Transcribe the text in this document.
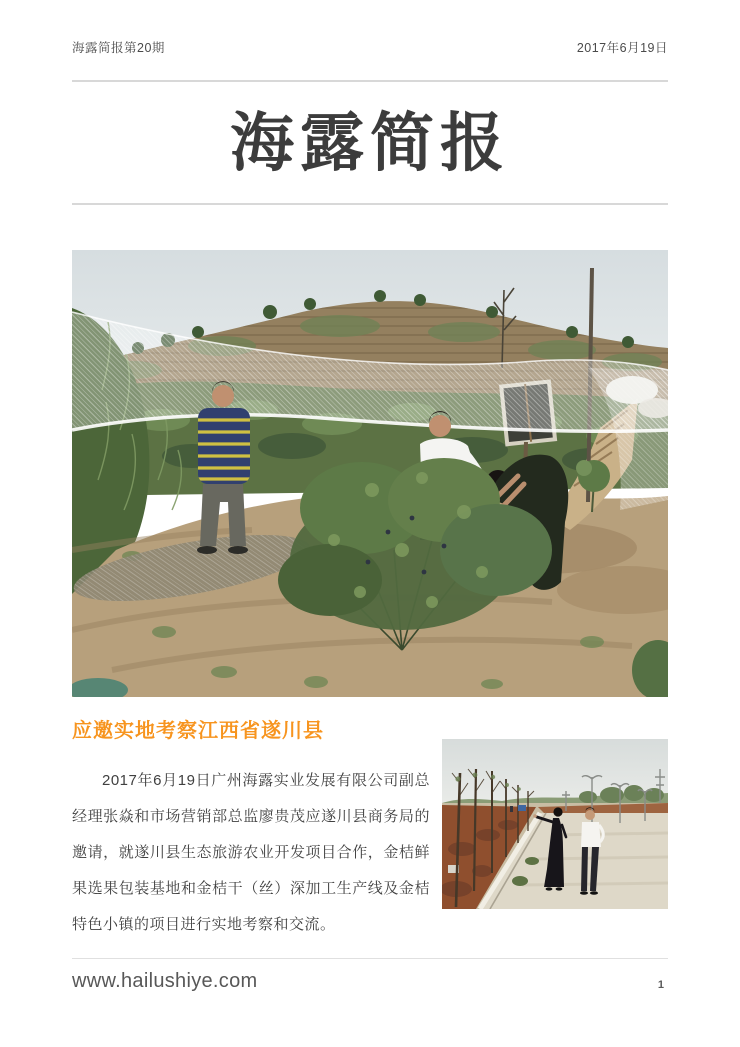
海露简报第20期	2017年6月19日
海露简报
应邀实地考察江西省遂川县

2017年6月19日广州海露实业发展有限公司副总经理张焱和市场营销部总监廖贵茂应遂川县商务局的邀请，就遂川县生态旅游农业开发项目合作，金桔鲜果选果包装基地和金桔干（丝）深加工生产线及金桔特色小镇的项目进行实地考察和交流。

www.hailushiye.com	1
